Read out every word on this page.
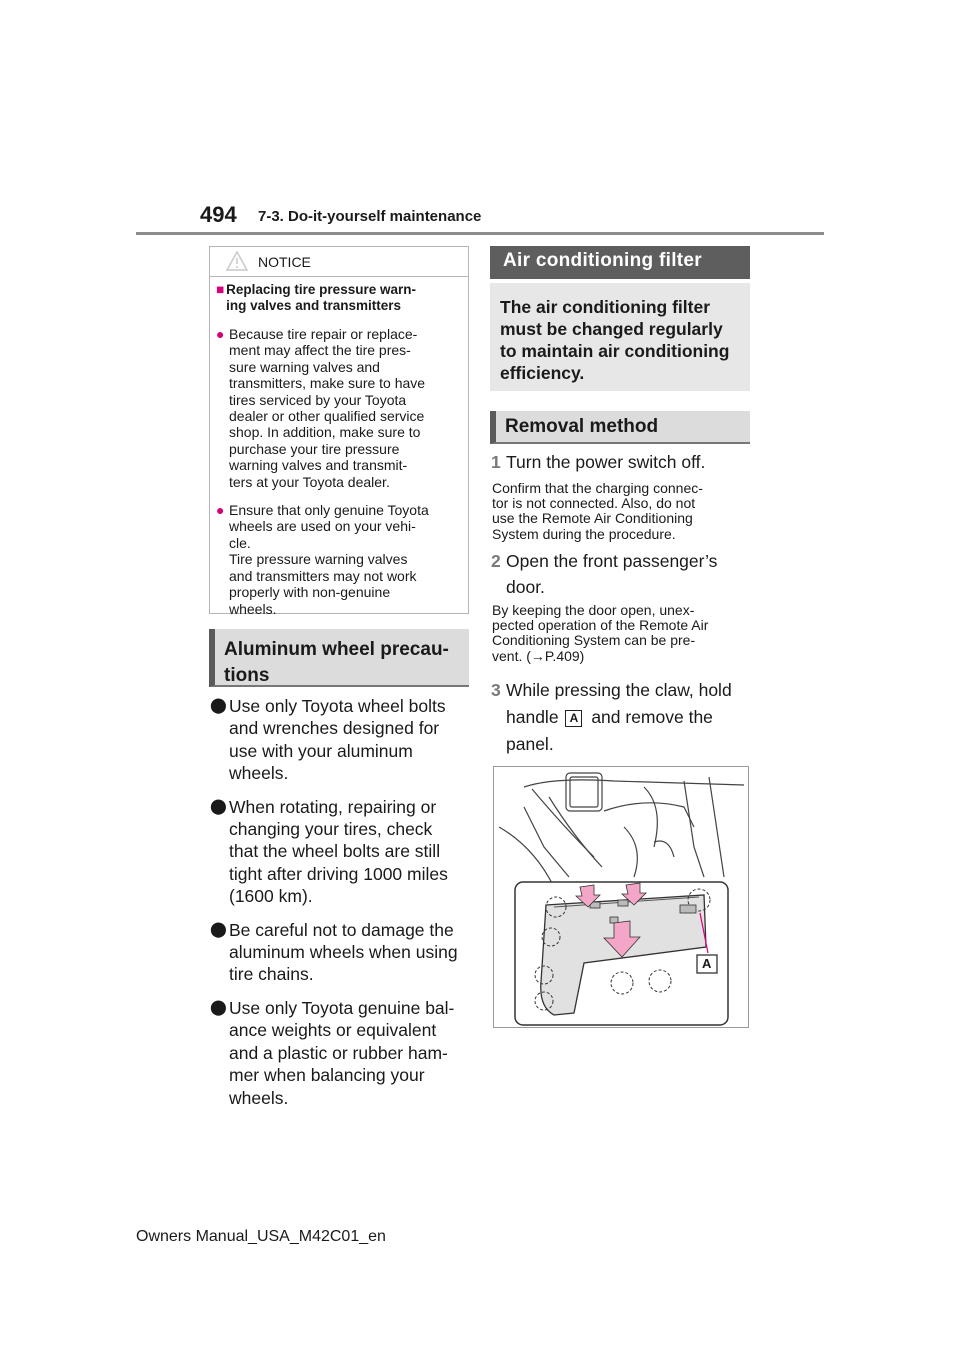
494 7-3. Do-it-yourself maintenance
NOTICE
■ Replacing tire pressure warn-
ing valves and transmitters
● Because tire repair or replace-
ment may affect the tire pres-
sure warning valves and
transmitters, make sure to have
tires serviced by your Toyota
dealer or other qualified service
shop. In addition, make sure to
purchase your tire pressure
warning valves and transmit-
ters at your Toyota dealer.

● Ensure that only genuine Toyota
wheels are used on your vehi-
cle.
Tire pressure warning valves
and transmitters may not work
properly with non-genuine
wheels.

Aluminum wheel precau-
tions
⬤ Use only Toyota wheel bolts
and wrenches designed for
use with your aluminum
wheels.

⬤ When rotating, repairing or
changing your tires, check
that the wheel bolts are still
tight after driving 1000 miles
(1600 km).

⬤ Be careful not to damage the
aluminum wheels when using
tire chains.

⬤ Use only Toyota genuine bal-
ance weights or equivalent
and a plastic or rubber ham-
mer when balancing your
wheels.

Air conditioning filter
The air conditioning filter
must be changed regularly
to maintain air conditioning
efficiency.
Removal method
1 Turn the power switch off.

Confirm that the charging connec-
tor is not connected. Also, do not
use the Remote Air Conditioning
System during the procedure.
2 Open the front passenger’s
door.

By keeping the door open, unex-
pected operation of the Remote Air
Conditioning System can be pre-
vent. (→P.409)
3 While pressing the claw, hold
handle A and remove the
panel.
A
Owners Manual_USA_M42C01_en
